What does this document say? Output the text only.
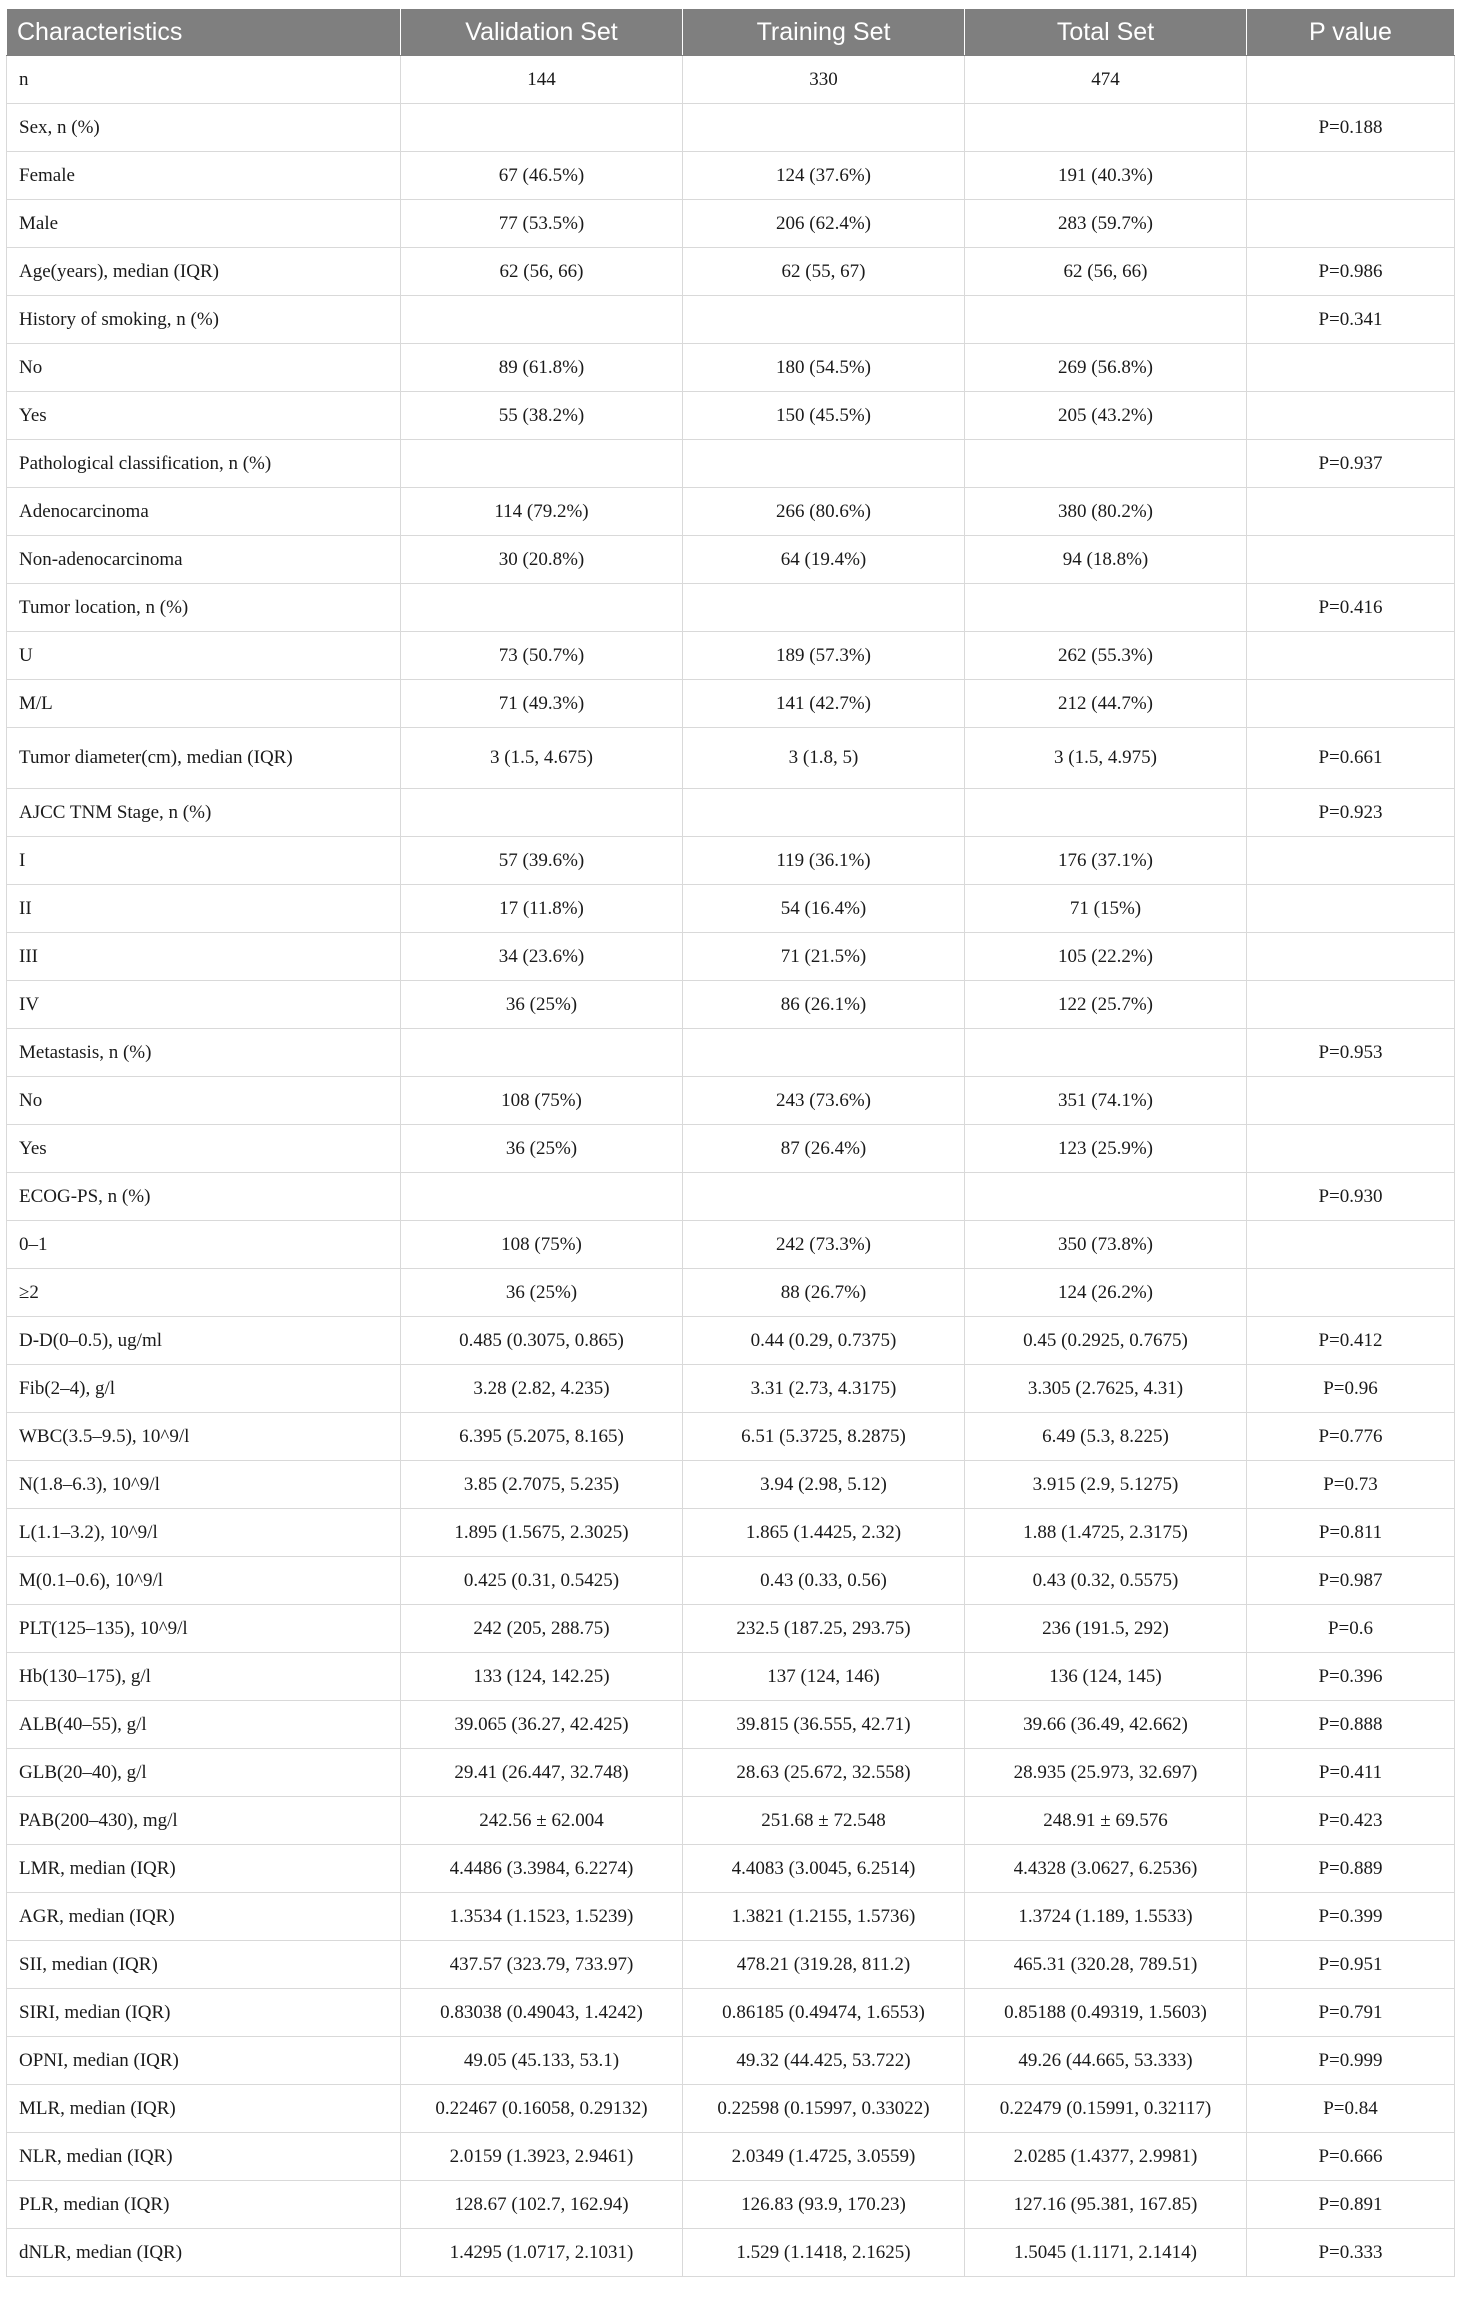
Characteristics	Validation Set	Training Set	Total Set	P value
n	144	330	474	
Sex, n (%)				P=0.188
Female	67 (46.5%)	124 (37.6%)	191 (40.3%)	
Male	77 (53.5%)	206 (62.4%)	283 (59.7%)	
Age(years), median (IQR)	62 (56, 66)	62 (55, 67)	62 (56, 66)	P=0.986
History of smoking, n (%)				P=0.341
No	89 (61.8%)	180 (54.5%)	269 (56.8%)	
Yes	55 (38.2%)	150 (45.5%)	205 (43.2%)	
Pathological classification, n (%)				P=0.937
Adenocarcinoma	114 (79.2%)	266 (80.6%)	380 (80.2%)	
Non-adenocarcinoma	30 (20.8%)	64 (19.4%)	94 (18.8%)	
Tumor location, n (%)				P=0.416
U	73 (50.7%)	189 (57.3%)	262 (55.3%)	
M/L	71 (49.3%)	141 (42.7%)	212 (44.7%)	
Tumor diameter(cm), median (IQR)	3 (1.5, 4.675)	3 (1.8, 5)	3 (1.5, 4.975)	P=0.661
AJCC TNM Stage, n (%)				P=0.923
I	57 (39.6%)	119 (36.1%)	176 (37.1%)	
II	17 (11.8%)	54 (16.4%)	71 (15%)	
III	34 (23.6%)	71 (21.5%)	105 (22.2%)	
IV	36 (25%)	86 (26.1%)	122 (25.7%)	
Metastasis, n (%)				P=0.953
No	108 (75%)	243 (73.6%)	351 (74.1%)	
Yes	36 (25%)	87 (26.4%)	123 (25.9%)	
ECOG-PS, n (%)				P=0.930
0–1	108 (75%)	242 (73.3%)	350 (73.8%)	
≥2	36 (25%)	88 (26.7%)	124 (26.2%)	
D-D(0–0.5), ug/ml	0.485 (0.3075, 0.865)	0.44 (0.29, 0.7375)	0.45 (0.2925, 0.7675)	P=0.412
Fib(2–4), g/l	3.28 (2.82, 4.235)	3.31 (2.73, 4.3175)	3.305 (2.7625, 4.31)	P=0.96
WBC(3.5–9.5), 10^9/l	6.395 (5.2075, 8.165)	6.51 (5.3725, 8.2875)	6.49 (5.3, 8.225)	P=0.776
N(1.8–6.3), 10^9/l	3.85 (2.7075, 5.235)	3.94 (2.98, 5.12)	3.915 (2.9, 5.1275)	P=0.73
L(1.1–3.2), 10^9/l	1.895 (1.5675, 2.3025)	1.865 (1.4425, 2.32)	1.88 (1.4725, 2.3175)	P=0.811
M(0.1–0.6), 10^9/l	0.425 (0.31, 0.5425)	0.43 (0.33, 0.56)	0.43 (0.32, 0.5575)	P=0.987
PLT(125–135), 10^9/l	242 (205, 288.75)	232.5 (187.25, 293.75)	236 (191.5, 292)	P=0.6
Hb(130–175), g/l	133 (124, 142.25)	137 (124, 146)	136 (124, 145)	P=0.396
ALB(40–55), g/l	39.065 (36.27, 42.425)	39.815 (36.555, 42.71)	39.66 (36.49, 42.662)	P=0.888
GLB(20–40), g/l	29.41 (26.447, 32.748)	28.63 (25.672, 32.558)	28.935 (25.973, 32.697)	P=0.411
PAB(200–430), mg/l	242.56 ± 62.004	251.68 ± 72.548	248.91 ± 69.576	P=0.423
LMR, median (IQR)	4.4486 (3.3984, 6.2274)	4.4083 (3.0045, 6.2514)	4.4328 (3.0627, 6.2536)	P=0.889
AGR, median (IQR)	1.3534 (1.1523, 1.5239)	1.3821 (1.2155, 1.5736)	1.3724 (1.189, 1.5533)	P=0.399
SII, median (IQR)	437.57 (323.79, 733.97)	478.21 (319.28, 811.2)	465.31 (320.28, 789.51)	P=0.951
SIRI, median (IQR)	0.83038 (0.49043, 1.4242)	0.86185 (0.49474, 1.6553)	0.85188 (0.49319, 1.5603)	P=0.791
OPNI, median (IQR)	49.05 (45.133, 53.1)	49.32 (44.425, 53.722)	49.26 (44.665, 53.333)	P=0.999
MLR, median (IQR)	0.22467 (0.16058, 0.29132)	0.22598 (0.15997, 0.33022)	0.22479 (0.15991, 0.32117)	P=0.84
NLR, median (IQR)	2.0159 (1.3923, 2.9461)	2.0349 (1.4725, 3.0559)	2.0285 (1.4377, 2.9981)	P=0.666
PLR, median (IQR)	128.67 (102.7, 162.94)	126.83 (93.9, 170.23)	127.16 (95.381, 167.85)	P=0.891
dNLR, median (IQR)	1.4295 (1.0717, 2.1031)	1.529 (1.1418, 2.1625)	1.5045 (1.1171, 2.1414)	P=0.333
